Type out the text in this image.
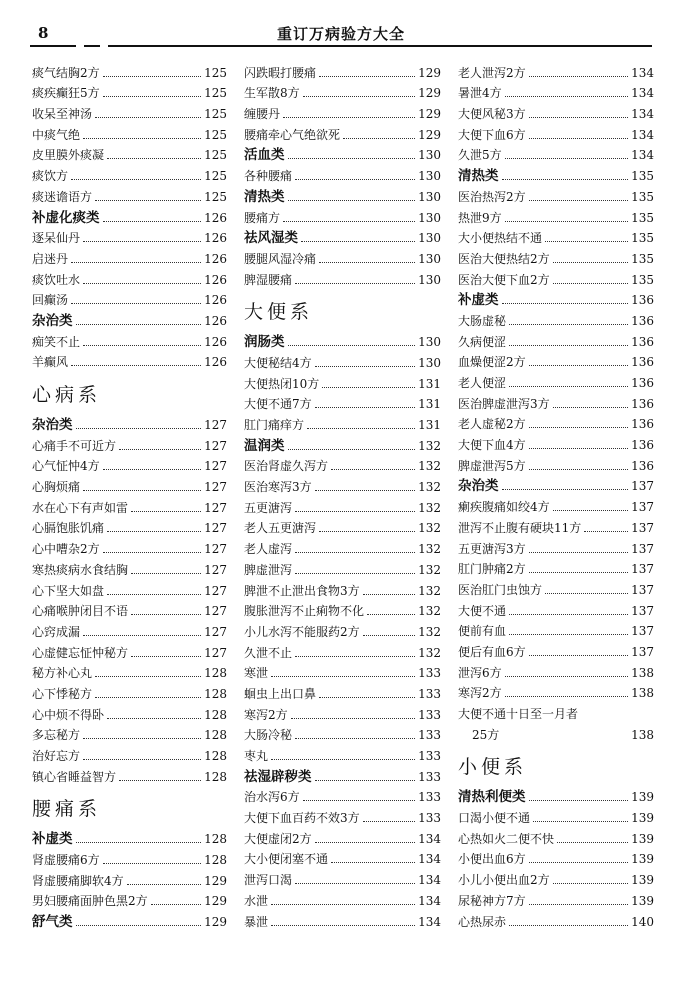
8	重订万病验方大全
痰气结胸2方	125
痰疾癫狂5方	125
收呆至神汤	125
中痰气绝	125
皮里膜外痰凝	125
痰饮方	125
痰迷谵语方	125
补虚化痰类	126
逐呆仙丹	126
启迷丹	126
痰饮吐水	126
回癫汤	126
杂治类	126
痴笑不止	126
羊癫风	126
心病系
杂治类	127
心痛手不可近方	127
心气怔忡4方	127
心胸烦痛	127
水在心下有声如雷	127
心膈饱胀饥痛	127
心中嘈杂2方	127
寒热痰病水食结胸	127
心下坚大如盘	127
心痛喉肿闭目不语	127
心窍成漏	127
心虚健忘怔忡秘方	127
秘方补心丸	128
心下悸秘方	128
心中烦不得卧	128
多忘秘方	128
治好忘方	128
镇心省睡益智方	128
腰痛系
补虚类	128
肾虚腰痛6方	128
肾虚腰痛脚软4方	129
男妇腰痛面肿色黑2方	129
舒气类	129
闪跌暇打腰痛	129
生军散8方	129
缠腰丹	129
腰痛牵心气绝欲死	129
活血类	130
各种腰痛	130
清热类	130
腰痛方	130
祛风湿类	130
腰腿风湿冷痛	130
脾湿腰痛	130
大便系
润肠类	130
大便秘结4方	130
大便热闭10方	131
大便不通7方	131
肛门痛痒方	131
温润类	132
医治肾虚久泻方	132
医治寒泻3方	132
五更溏泻	132
老人五更溏泻	132
老人虚泻	132
脾虚泄泻	132
脾泄不止泄出食物3方	132
腹胀泄泻不止痢物不化	132
小儿水泻不能服药2方	132
久泄不止	132
寒泄	133
蛔虫上出口鼻	133
寒泻2方	133
大肠冷秘	133
枣丸	133
祛湿辟秽类	133
治水泻6方	133
大便下血百药不效3方	133
大便虚闭2方	134
大小便闭塞不通	134
泄泻口渴	134
水泄	134
暴泄	134
老人泄泻2方	134
暑泄4方	134
大便风秘3方	134
大便下血6方	134
久泄5方	134
清热类	135
医治热泻2方	135
热泄9方	135
大小便热结不通	135
医治大便热结2方	135
医治大便下血2方	135
补虚类	136
大肠虚秘	136
久病便涩	136
血燥便涩2方	136
老人便涩	136
医治脾虚泄泻3方	136
老人虚秘2方	136
大便下血4方	136
脾虚泄泻5方	136
杂治类	137
瘌疾腹痛如绞4方	137
泄泻不止腹有硬块11方	137
五更溏泻3方	137
肛门肿痛2方	137
医治肛门虫蚀方	137
大便不通	137
便前有血	137
便后有血6方	137
泄泻6方	138
寒泻2方	138
大便不通十日至一月者
25方	138
小便系
清热利便类	139
口渴小便不通	139
心热如火二便不快	139
小便出血6方	139
小儿小便出血2方	139
尿秘神方7方	139
心热尿赤	140
